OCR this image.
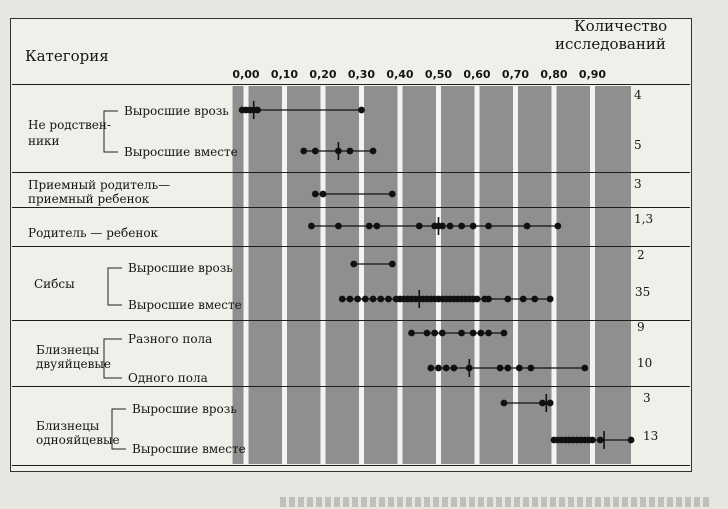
Категория
Количество
исследований
0,00 0,10 0,20 0,30 0,40 0,50 0,60 0,70 0,80 0,90
Не родствен-
ники
Выросшие врозь
Выросшие вместе
4
5
Приемный родитель—
приемный ребенок
3
Родитель — ребенок
1,3
Сибсы
Выросшие врозь
Выросшие вместе
2
35
Близнецы
двуяйцевые
Разного пола
Одного пола
9
10
Близнецы
однояйцевые
Выросшие врозь
Выросшие вместе
3
13
